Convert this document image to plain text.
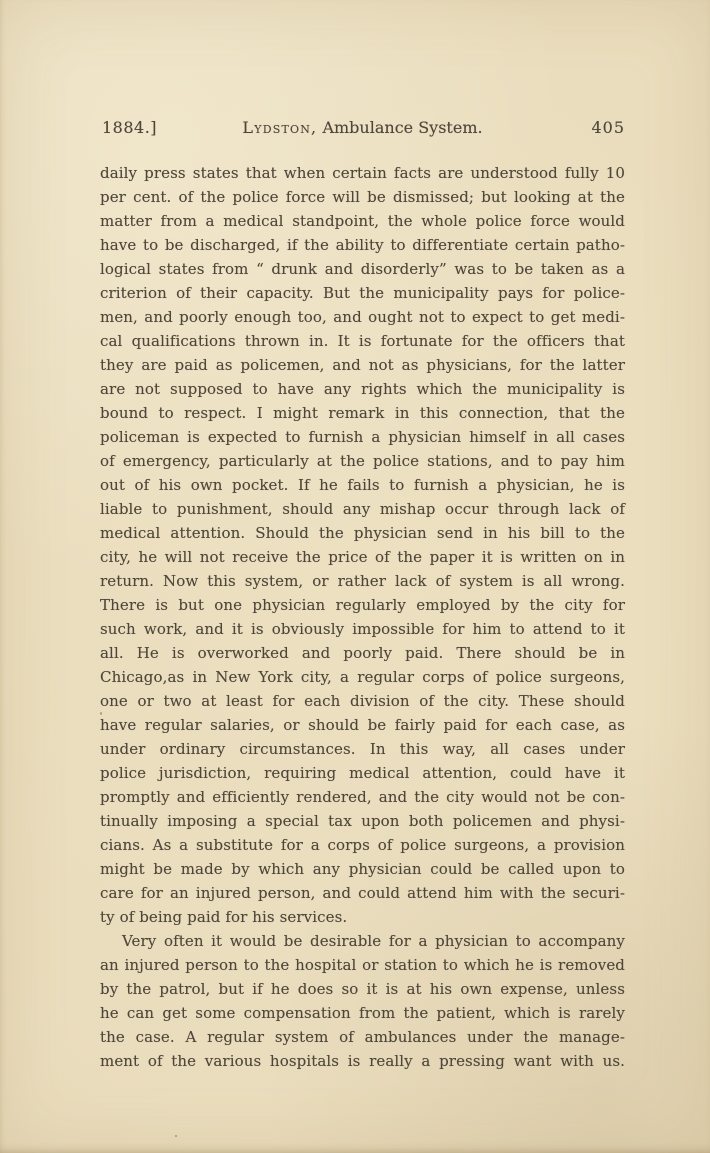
1884.]	Lydston, Ambulance System.	405
daily press states that when certain facts are understood fully 10
per cent. of the police force will be dismissed; but looking at the
matter from a medical standpoint, the whole police force would
have to be discharged, if the ability to differentiate certain patho-
logical states from “ drunk and disorderly” was to be taken as a
criterion of their capacity. But the municipality pays for police-
men, and poorly enough too, and ought not to expect to get medi-
cal qualifications thrown in. It is fortunate for the officers that
they are paid as policemen, and not as physicians, for the latter
are not supposed to have any rights which the municipality is
bound to respect. I might remark in this connection, that the
policeman is expected to furnish a physician himself in all cases
of emergency, particularly at the police stations, and to pay him
out of his own pocket. If he fails to furnish a physician, he is
liable to punishment, should any mishap occur through lack of
medical attention. Should the physician send in his bill to the
city, he will not receive the price of the paper it is written on in
return. Now this system, or rather lack of system is all wrong.
There is but one physician regularly employed by the city for
such work, and it is obviously impossible for him to attend to it
all. He is overworked and poorly paid. There should be in
Chicago,as in New York city, a regular corps of police surgeons,
one or two at least for each division of the city. These should
have regular salaries, or should be fairly paid for each case, as
under ordinary circumstances. In this way, all cases under
police jurisdiction, requiring medical attention, could have it
promptly and efficiently rendered, and the city would not be con-
tinually imposing a special tax upon both policemen and physi-
cians. As a substitute for a corps of police surgeons, a provision
might be made by which any physician could be called upon to
care for an injured person, and could attend him with the securi-
ty of being paid for his services.
Very often it would be desirable for a physician to accompany
an injured person to the hospital or station to which he is removed
by the patrol, but if he does so it is at his own expense, unless
he can get some compensation from the patient, which is rarely
the case. A regular system of ambulances under the manage-
ment of the various hospitals is really a pressing want with us.
